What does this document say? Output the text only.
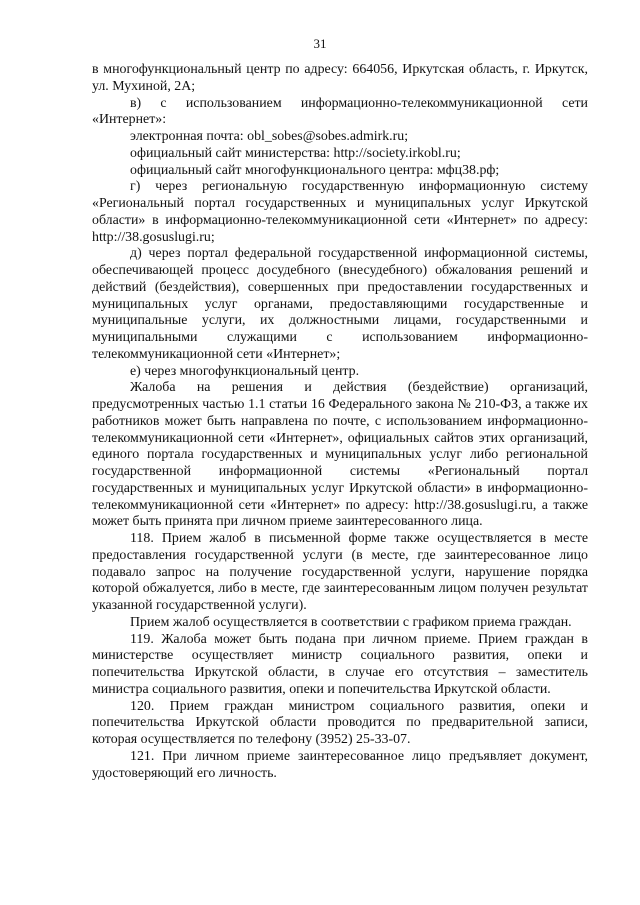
31

в многофункциональный центр по адресу: 664056, Иркутская область, г. Иркутск, ул. Мухиной, 2А;

в) с использованием информационно-телекоммуникационной сети «Интернет»:

электронная почта: obl_sobes@sobes.admirk.ru;

официальный сайт министерства: http://society.irkobl.ru;

официальный сайт многофункционального центра: мфц38.рф;

г) через региональную государственную информационную систему «Региональный портал государственных и муниципальных услуг Иркутской области» в информационно-телекоммуникационной сети «Интернет» по адресу: http://38.gosuslugi.ru;

д) через портал федеральной государственной информационной системы, обеспечивающей процесс досудебного (внесудебного) обжалования решений и действий (бездействия), совершенных при предоставлении государственных и муниципальных услуг органами, предоставляющими государственные и муниципальные услуги, их должностными лицами, государственными и муниципальными служащими с использованием информационно-телекоммуникационной сети «Интернет»;

е) через многофункциональный центр.

Жалоба на решения и действия (бездействие) организаций, предусмотренных частью 1.1 статьи 16 Федерального закона № 210-ФЗ, а также их работников может быть направлена по почте, с использованием информационно-телекоммуникационной сети «Интернет», официальных сайтов этих организаций, единого портала государственных и муниципальных услуг либо региональной государственной информационной системы «Региональный портал государственных и муниципальных услуг Иркутской области» в информационно-телекоммуникационной сети «Интернет» по адресу: http://38.gosuslugi.ru, а также может быть принята при личном приеме заинтересованного лица.

118. Прием жалоб в письменной форме также осуществляется в месте предоставления государственной услуги (в месте, где заинтересованное лицо подавало запрос на получение государственной услуги, нарушение порядка которой обжалуется, либо в месте, где заинтересованным лицом получен результат указанной государственной услуги).

Прием жалоб осуществляется в соответствии с графиком приема граждан.

119. Жалоба может быть подана при личном приеме. Прием граждан в министерстве осуществляет министр социального развития, опеки и попечительства Иркутской области, в случае его отсутствия – заместитель министра социального развития, опеки и попечительства Иркутской области.

120. Прием граждан министром социального развития, опеки и попечительства Иркутской области проводится по предварительной записи, которая осуществляется по телефону (3952) 25-33-07.

121. При личном приеме заинтересованное лицо предъявляет документ, удостоверяющий его личность.
